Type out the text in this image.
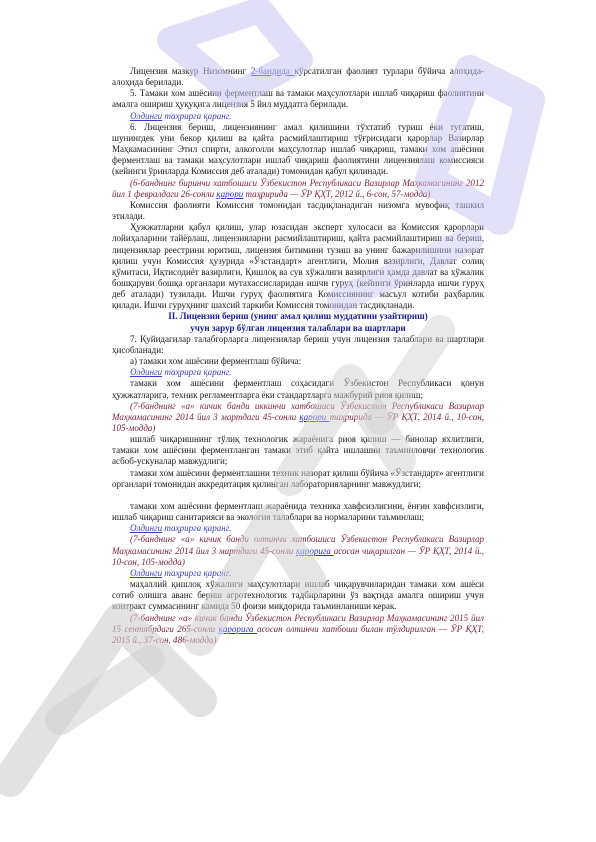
Лицензия мазкур Низомнинг 2-бандида кўрсатилган фаолият турлари бўйича алоҳида-алоҳида берилади.

5. Тамаки хом ашёсини ферментлаш ва тамаки маҳсулотлари ишлаб чиқариш фаолиятини амалга ошириш ҳуқуқига лицензия 5 йил муддатга берилади.

Олдинги таҳрирга қаранг.

6. Лицензия бериш, лицензиянинг амал қилишини тўхтатиб туриш ёки тугатиш, шунингдек уни бекор қилиш ва қайта расмийлаштириш тўғрисидаги қарорлар Вазирлар Маҳкамасининг Этил спирти, алкоголли маҳсулотлар ишлаб чиқариш, тамаки хом ашёсини ферментлаш ва тамаки маҳсулотлари ишлаб чиқариш фаолиятини лицензиялаш комиссияси (кейинги ўринларда Комиссия деб аталади) томонидан қабул қилинади.

(6-банднинг биринчи хатбошиси Ўзбекистон Республикаси Вазирлар Маҳкамасининг 2012 йил 1 февралдаги 26-сонли қарори таҳририда — ЎР ҚҲТ, 2012 й., 6-сон, 57-модда)

Комиссия фаолияти Комиссия томонидан тасдиқланадиган низомга мувофиқ ташкил этилади.

Ҳужжатларни қабул қилиш, улар юзасидан эксперт хулосаси ва Комиссия қарорлари лойиҳаларини тайёрлаш, лицензияларни расмийлаштириш, қайта расмийлаштириш ва бериш, лицензиялар реестрини юритиш, лицензия битимини тузиш ва унинг бажарилишини назорат қилиш учун Комиссия ҳузурида «Ўзстандарт» агентлиги, Молия вазирлиги, Давлат солиқ қўмитаси, Иқтисодиёт вазирлиги, Қишлоқ ва сув хўжалиги вазирлиги ҳамда давлат ва хўжалик бошқаруви бошқа органлари мутахассисларидан ишчи гуруҳ (кейинги ўринларда ишчи гуруҳ деб аталади) тузилади. Ишчи гуруҳ фаолиятига Комиссиянинг масъул котиби раҳбарлик қилади. Ишчи гуруҳнинг шахсий таркиби Комиссия томонидан тасдиқланади.

II. Лицензия бериш (унинг амал қилиш муддатини узайтириш)
учун зарур бўлган лицензия талаблари ва шартлари

7. Қуйидагилар талабгорларга лицензиялар бериш учун лицензия талаблари ва шартлари ҳисобланади:

а) тамаки хом ашёсини ферментлаш бўйича:

Олдинги таҳрирга қаранг.

тамаки хом ашёсини ферментлаш соҳасидаги Ўзбекистон Республикаси қонун ҳужжатларига, техник регламентларга ёки стандартларга мажбурий риоя қилиш;

(7-банднинг «а» кичик банди иккинчи хатбошиси Ўзбекистон Республикаси Вазирлар Маҳкамасининг 2014 йил 3 мартдаги 45-сонли қарори таҳририда — ЎР ҚҲТ, 2014 й., 10-сон, 105-модда)

ишлаб чиқаришнинг тўлиқ технологик жараёнига риоя қилиш — бинолар яхлитлиги, тамаки хом ашёсини ферментланган тамаки этиб қайта ишлашни таъминловчи технологик асбоб-ускуналар мавжудлиги;

тамаки хом ашёсини ферментлашни техник назорат қилиш бўйича «Ўзстандарт» агентлиги органлари томонидан аккредитация қилинган лабораторияларнинг мавжудлиги;

тамаки хом ашёсини ферментлаш жараёнида техника хавфсизлигини, ёнғин хавфсизлиги, ишлаб чиқариш санитарияси ва экология талаблари ва нормаларини таъминлаш;

Олдинги таҳрирга қаранг.

(7-банднинг «а» кичик банди олтинчи хатбошиси Ўзбекистон Республикаси Вазирлар Маҳкамасининг 2014 йил 3 мартдаги 45-сонли қарорига асосан чиқарилган — ЎР ҚҲТ, 2014 й., 10-сон, 105-модда)

Олдинги таҳрирга қаранг.

маҳаллий қишлоқ хўжалиги маҳсулотлари ишлаб чиқарувчиларидан тамаки хом ашёси сотиб олишга аванс бериш агротехнологик тадбирларини ўз вақтида амалга ошириш учун контракт суммасининг камида 50 фоизи миқдорида таъминланиши керак.

(7-банднинг «а» кичик банди Ўзбекистон Республикаси Вазирлар Маҳкамасининг 2015 йил 15 сентябрдаги 265-сонли қарорига асосан олтинчи хатбоши билан тўлдирилган — ЎР ҚҲТ, 2015 й., 37-сон, 486-модда)
